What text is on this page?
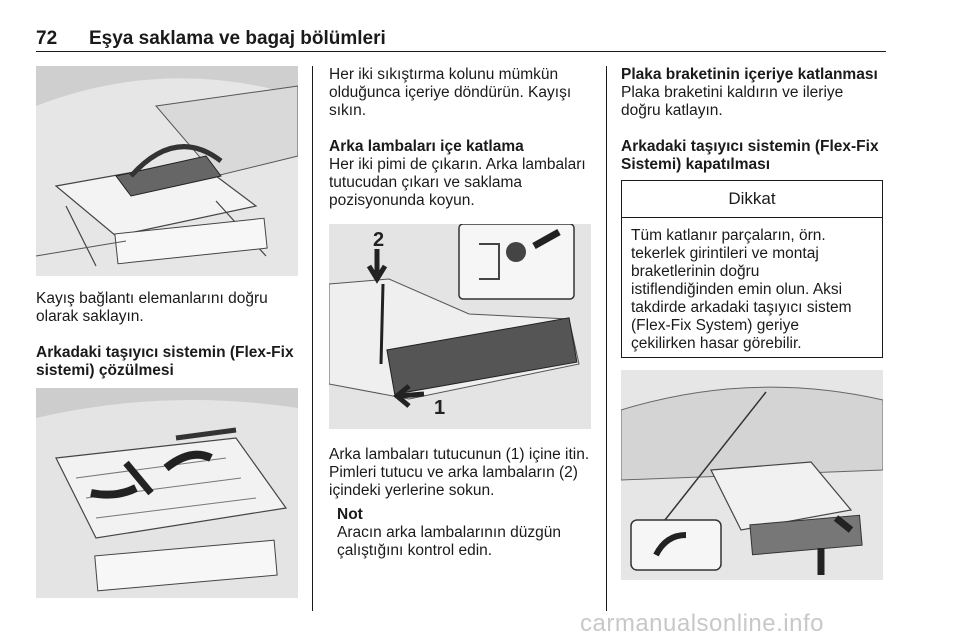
72 Eşya saklama ve bagaj bölümleri
Kayış bağlantı elemanlarını doğru
olarak saklayın.
Arkadaki taşıyıcı sistemin (Flex-Fix
sistemi) çözülmesi
Her iki sıkıştırma kolunu mümkün
olduğunca içeriye döndürün. Kayışı
sıkın.
Arka lambaları içe katlama
Her iki pimi de çıkarın. Arka lambaları
tutucudan çıkarı ve saklama
pozisyonunda koyun.
2
1
Arka lambaları tutucunun (1) içine itin.
Pimleri tutucu ve arka lambaların (2)
içindeki yerlerine sokun.
Not
Aracın arka lambalarının düzgün
çalıştığını kontrol edin.
Plaka braketinin içeriye katlanması
Plaka braketini kaldırın ve ileriye
doğru katlayın.
Arkadaki taşıyıcı sistemin (Flex-Fix
Sistemi) kapatılması
Dikkat
Tüm katlanır parçaların, örn.
tekerlek girintileri ve montaj
braketlerinin doğru
istiflendiğinden emin olun. Aksi
takdirde arkadaki taşıyıcı sistem
(Flex-Fix System) geriye
çekilirken hasar görebilir.
carmanualsonline.info
